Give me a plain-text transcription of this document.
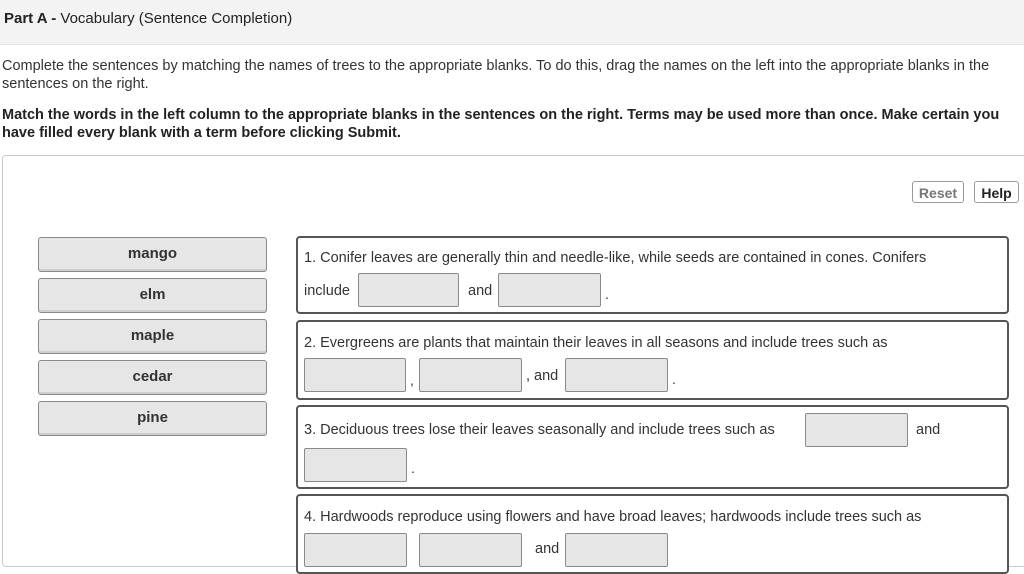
Part A - Vocabulary (Sentence Completion)
Complete the sentences by matching the names of trees to the appropriate blanks. To do this, drag the names on the left into the appropriate blanks in the sentences on the right.
Match the words in the left column to the appropriate blanks in the sentences on the right. Terms may be used more than once. Make certain you have filled every blank with a term before clicking Submit.
Reset	Help
mango
elm
maple
cedar
pine
1. Conifer leaves are generally thin and needle-like, while seeds are contained in cones. Conifers
include	and	.
2. Evergreens are plants that maintain their leaves in all seasons and include trees such as
,	, and	.
3. Deciduous trees lose their leaves seasonally and include trees such as	and
.
4. Hardwoods reproduce using flowers and have broad leaves; hardwoods include trees such as
and
